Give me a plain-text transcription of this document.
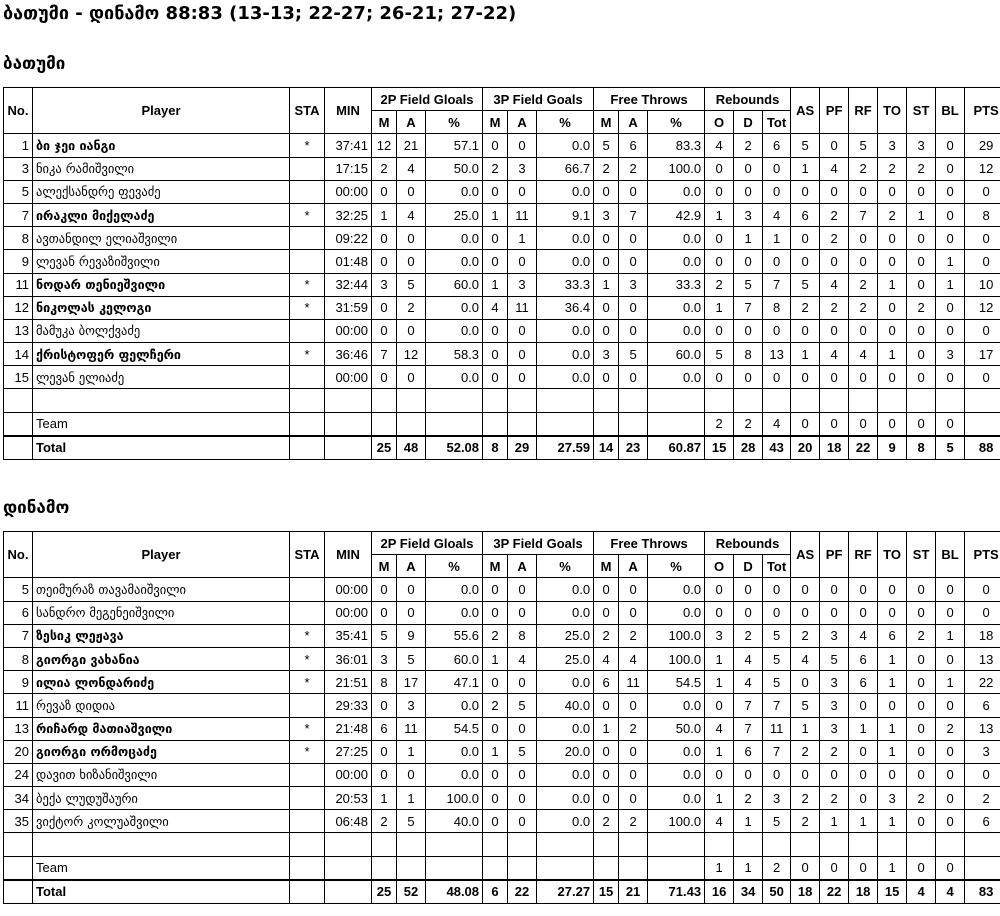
ბათუმი - დინამო 88:83 (13-13; 22-27; 26-21; 27-22)
ბათუმი
დინამო
No.	Player	STA	MIN	2P Field Gloals			3P Field Goals			Free Throws			Rebounds			AS	PF	RF	TO	ST	BL	PTS
				M	A	%	M	A	%	M	A	%	O	D	Tot							
1	ბი ჯეი იანგი	*	37:41	12	21	57.1	0	0	0.0	5	6	83.3	4	2	6	5	0	5	3	3	0	29
3	ნიკა რამიშვილი		17:15	2	4	50.0	2	3	66.7	2	2	100.0	0	0	0	1	4	2	2	2	0	12
5	ალექსანდრე ფევაძე		00:00	0	0	0.0	0	0	0.0	0	0	0.0	0	0	0	0	0	0	0	0	0	0
7	ირაკლი მიქელაძე	*	32:25	1	4	25.0	1	11	9.1	3	7	42.9	1	3	4	6	2	7	2	1	0	8
8	ავთანდილ ელიაშვილი		09:22	0	0	0.0	0	1	0.0	0	0	0.0	0	1	1	0	2	0	0	0	0	0
9	ლევან რევაზიშვილი		01:48	0	0	0.0	0	0	0.0	0	0	0.0	0	0	0	0	0	0	0	0	1	0
11	ნოდარ თენიეშვილი	*	32:44	3	5	60.0	1	3	33.3	1	3	33.3	2	5	7	5	4	2	1	0	1	10
12	ნიკოლას კელოგი	*	31:59	0	2	0.0	4	11	36.4	0	0	0.0	1	7	8	2	2	2	0	2	0	12
13	მამუკა ბოლქვაძე		00:00	0	0	0.0	0	0	0.0	0	0	0.0	0	0	0	0	0	0	0	0	0	0
14	ქრისტოფერ ფელჩერი	*	36:46	7	12	58.3	0	0	0.0	3	5	60.0	5	8	13	1	4	4	1	0	3	17
15	ლევან ელიაძე		00:00	0	0	0.0	0	0	0.0	0	0	0.0	0	0	0	0	0	0	0	0	0	0

	Team												2	2	4	0	0	0	0	0	0	
	Total			25	48	52.08	8	29	27.59	14	23	60.87	15	28	43	20	18	22	9	8	5	88
No.	Player	STA	MIN	2P Field Gloals			3P Field Goals			Free Throws			Rebounds			AS	PF	RF	TO	ST	BL	PTS
				M	A	%	M	A	%	M	A	%	O	D	Tot							
5	თეიმურაზ თავამაიშვილი		00:00	0	0	0.0	0	0	0.0	0	0	0.0	0	0	0	0	0	0	0	0	0	0
6	სანდრო მეგენეიშვილი		00:00	0	0	0.0	0	0	0.0	0	0	0.0	0	0	0	0	0	0	0	0	0	0
7	ზესიკ ლეჟავა	*	35:41	5	9	55.6	2	8	25.0	2	2	100.0	3	2	5	2	3	4	6	2	1	18
8	გიორგი ვახანია	*	36:01	3	5	60.0	1	4	25.0	4	4	100.0	1	4	5	4	5	6	1	0	0	13
9	ილია ლონდარიძე	*	21:51	8	17	47.1	0	0	0.0	6	11	54.5	1	4	5	0	3	6	1	0	1	22
11	რევაზ დიდია		29:33	0	3	0.0	2	5	40.0	0	0	0.0	0	7	7	5	3	0	0	0	0	6
13	რიჩარდ მათიაშვილი	*	21:48	6	11	54.5	0	0	0.0	1	2	50.0	4	7	11	1	3	1	1	0	2	13
20	გიორგი ორმოცაძე	*	27:25	0	1	0.0	1	5	20.0	0	0	0.0	1	6	7	2	2	0	1	0	0	3
24	დავით ხიზანიშვილი		00:00	0	0	0.0	0	0	0.0	0	0	0.0	0	0	0	0	0	0	0	0	0	0
34	ბექა ლუდუშაური		20:53	1	1	100.0	0	0	0.0	0	0	0.0	1	2	3	2	2	0	3	2	0	2
35	ვიქტორ კოლუაშვილი		06:48	2	5	40.0	0	0	0.0	2	2	100.0	4	1	5	2	1	1	1	0	0	6

	Team												1	1	2	0	0	0	1	0	0	
	Total			25	52	48.08	6	22	27.27	15	21	71.43	16	34	50	18	22	18	15	4	4	83
